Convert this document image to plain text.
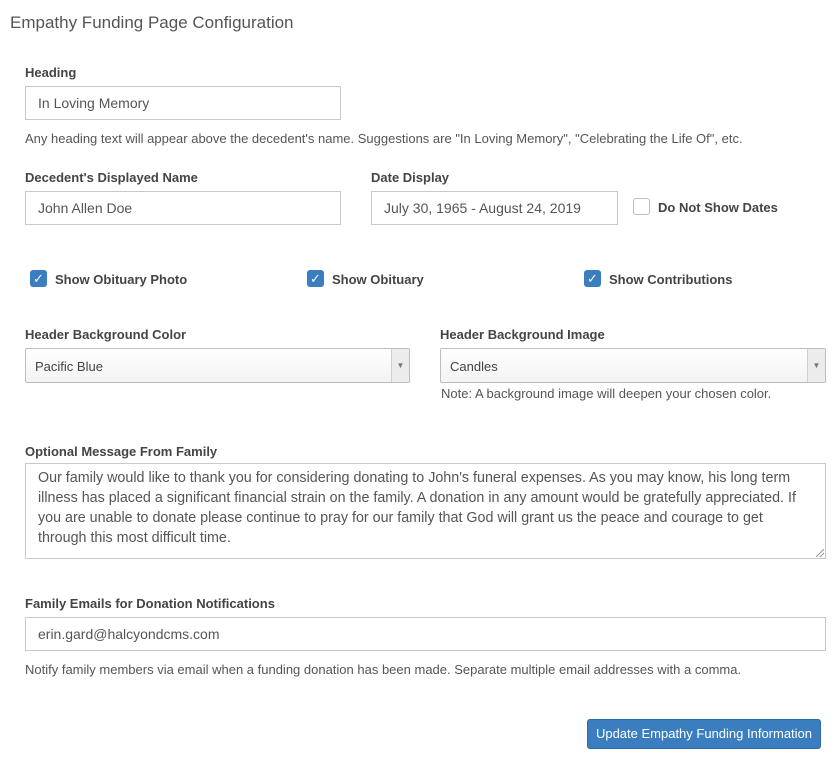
Empathy Funding Page Configuration
Heading
In Loving Memory
Any heading text will appear above the decedent's name. Suggestions are "In Loving Memory", "Celebrating the Life Of", etc.
Decedent's Displayed Name
John Allen Doe
Date Display
July 30, 1965 - August 24, 2019	Do Not Show Dates
✓ Show Obituary Photo	✓ Show Obituary	✓ Show Contributions
Header Background Color
Pacific Blue	▼
Header Background Image
Candles	▼
Note: A background image will deepen your chosen color.
Optional Message From Family
Our family would like to thank you for considering donating to John's funeral expenses. As you may know, his long term illness has placed a significant financial strain on the family. A donation in any amount would be gratefully appreciated. If you are unable to donate please continue to pray for our family that God will grant us the peace and courage to get through this most difficult time.
Family Emails for Donation Notifications
erin.gard@halcyondcms.com
Notify family members via email when a funding donation has been made. Separate multiple email addresses with a comma.
Update Empathy Funding Information
